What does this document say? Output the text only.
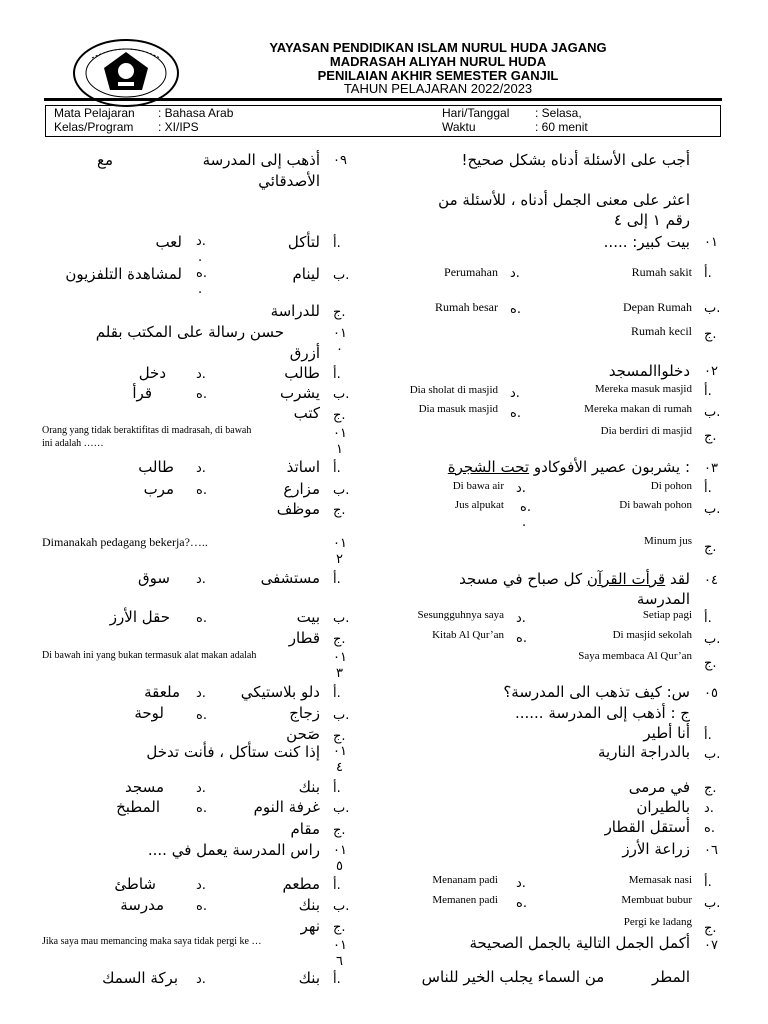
YAYASAN PENDIDIKAN ISLAM NURUL HUDA JAGANG
MADRASAH ALIYAH NURUL HUDA
PENILAIAN AKHIR SEMESTER GANJIL
TAHUN PELAJARAN 2022/2023
Mata Pelajaran : Bahasa Arab
Kelas/Program : XI/IPS
Hari/Tanggal : Selasa,
Waktu	: 60 menit
أجب على الأسئلة أدناه بشكل صحيح!
اعثر على معنى الجمل أدناه ، للأسئلة من
رقم ١ إلى ٤
٠١
بيت كبير: .....
أ.
Rumah sakit
ب.
Depan Rumah
ج.
Rumah kecil
د.
Perumahan
ه.
Rumah besar
٠٢
دخلواالمسجد
أ.
Mereka masuk masjid
ب.
Mereka makan di rumah
ج.
Dia berdiri di masjid
د.
Dia sholat di masjid
ه.
Dia masuk masjid
٠٣
: يشربون عصير الأفوكادو تحت الشجرة
أ.
Di pohon
ب.
Di bawah pohon
ج.
Minum jus
د.
Di bawa air
ه.
.
Jus alpukat
٠٤
لقد قرأت القرآن كل صباح في مسجد
المدرسة
أ.
Setiap pagi
ب.
Di masjid sekolah
ج.
Saya membaca Al Qur’an
د.
Sesungguhnya saya
ه.
Kitab Al Qur’an
٠٥
س: كيف تذهب الى المدرسة؟
ج : أذهب إلى المدرسة ......
أ.
أنا أطير
ب.
بالدراجة النارية
ج.
في مرمى
د.
بالطيران
ه.
أستقل القطار
٠٦
زراعة الأرز
أ.
Memasak nasi
ب.
Membuat bubur
ج.
Pergi ke ladang
د.
Menanam padi
ه.
Memanen padi
٠٧
أكمل الجمل التالية بالجمل الصحيحة
المطر          من السماء يجلب الخير للناس
٠٩
أذهب إلى المدرسة
مع
الأصدقائي
أ.
لتأكل
ب.
لينام
ج.
للدراسة
د.
.
لعب
ه.
.
لمشاهدة التلفزيون
٠١
٠
حسن رسالة على المكتب بقلم
أزرق
أ.
طالب
ب.
يشرب
ج.
كتب
د.
دخل
ه.
قرأ
٠١
١
Orang yang tidak beraktifitas di madrasah, di bawah
ini adalah ……
أ.
اساتذ
ب.
مزارع
ج.
موظف
د.
طالب
ه.
مرب
٠١
٢
Dimanakah pedagang bekerja?…..
أ.
مستشفى
ب.
بيت
ج.
قطار
د.
سوق
ه.
حقل الأرز
٠١
٣
Di bawah ini yang bukan termasuk alat makan adalah
أ.
دلو بلاستيكي
ب.
زجاج
ج.
صَحن
د.
ملعقة
ه.
لوحة
٠١
٤
إذا كنت ستأكل ، فأنت تدخل
أ.
بنك
ب.
غرفة النوم
ج.
مقام
د.
مسجد
ه.
المطبخ
٠١
٥
راس المدرسة يعمل في ....
أ.
مطعم
ب.
بنك
ج.
نهر
د.
شاطئ
ه.
مدرسة
٠١
٦
Jika saya mau memancing maka saya tidak pergi ke …
أ.
بنك
د.
بركة السمك
